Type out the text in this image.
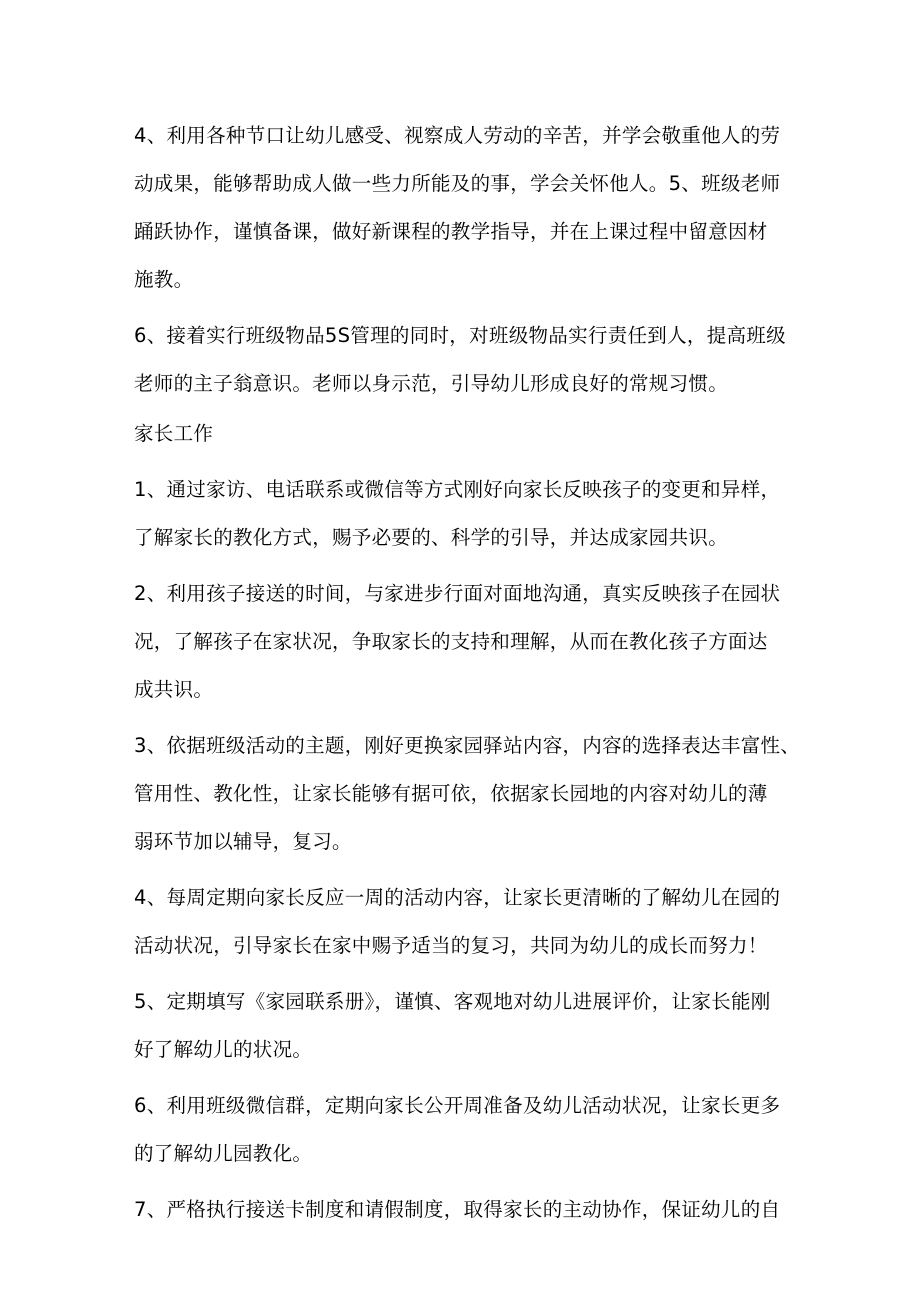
4、利用各种节口让幼儿感受、视察成人劳动的辛苦，并学会敬重他人的劳
动成果，能够帮助成人做一些力所能及的事，学会关怀他人。5、班级老师
踊跃协作，谨慎备课，做好新课程的教学指导，并在上课过程中留意因材
施教。
6、接着实行班级物品5S管理的同时，对班级物品实行责任到人，提高班级
老师的主子翁意识。老师以身示范，引导幼儿形成良好的常规习惯。
家长工作
1、通过家访、电话联系或微信等方式刚好向家长反映孩子的变更和异样，
了解家长的教化方式，赐予必要的、科学的引导，并达成家园共识。
2、利用孩子接送的时间，与家进步行面对面地沟通，真实反映孩子在园状
况，了解孩子在家状况，争取家长的支持和理解，从而在教化孩子方面达
成共识。
3、依据班级活动的主题，刚好更换家园驿站内容，内容的选择表达丰富性、
管用性、教化性，让家长能够有据可依，依据家长园地的内容对幼儿的薄
弱环节加以辅导，复习。
4、每周定期向家长反应一周的活动内容，让家长更清晰的了解幼儿在园的
活动状况，引导家长在家中赐予适当的复习，共同为幼儿的成长而努力！
5、定期填写《家园联系册》，谨慎、客观地对幼儿进展评价，让家长能刚
好了解幼儿的状况。
6、利用班级微信群，定期向家长公开周准备及幼儿活动状况，让家长更多
的了解幼儿园教化。
7、严格执行接送卡制度和请假制度，取得家长的主动协作，保证幼儿的自
